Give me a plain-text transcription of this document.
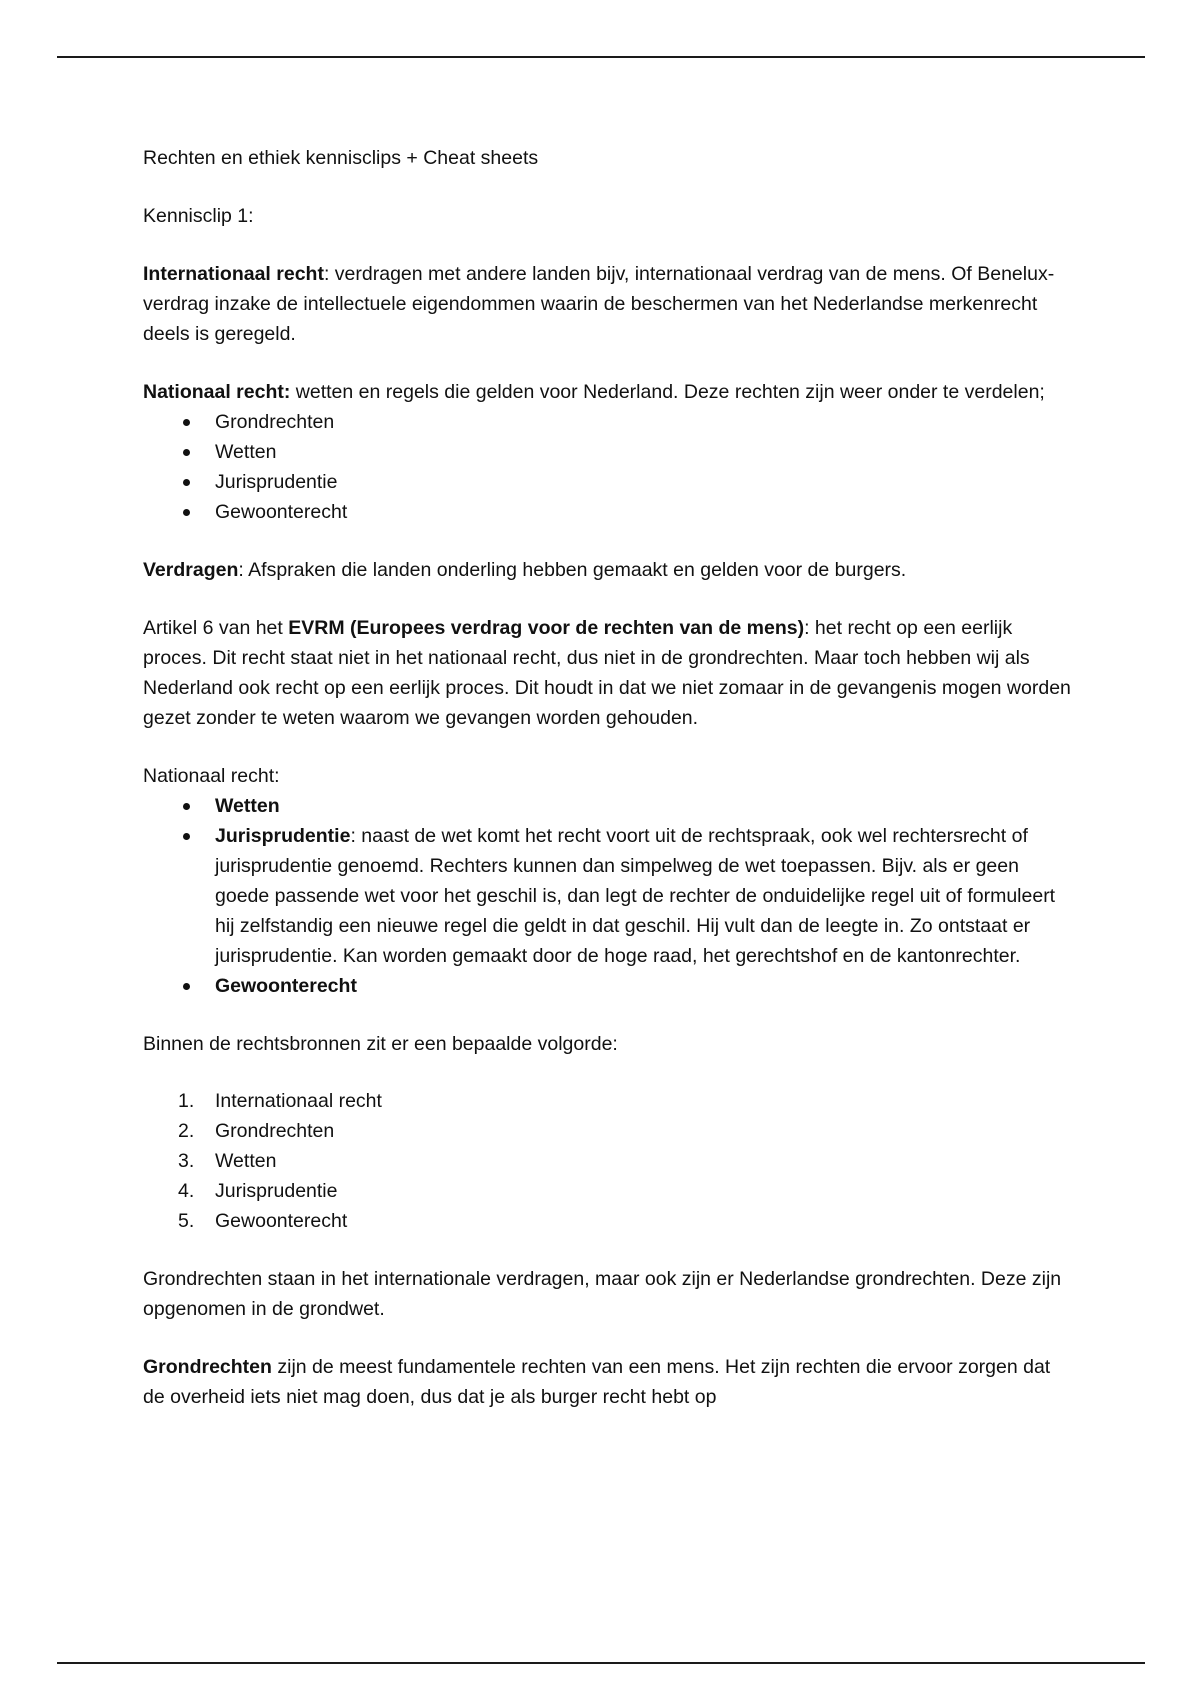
Rechten en ethiek kennisclips + Cheat sheets

Kennisclip 1:

Internationaal recht: verdragen met andere landen bijv, internationaal verdrag van de mens. Of Benelux-verdrag inzake de intellectuele eigendommen waarin de beschermen van het Nederlandse merkenrecht deels is geregeld.

Nationaal recht: wetten en regels die gelden voor Nederland. Deze rechten zijn weer onder te verdelen;

Grondrechten
Wetten
Jurisprudentie
Gewoonterecht

Verdragen: Afspraken die landen onderling hebben gemaakt en gelden voor de burgers.

Artikel 6 van het EVRM (Europees verdrag voor de rechten van de mens): het recht op een eerlijk proces. Dit recht staat niet in het nationaal recht, dus niet in de grondrechten. Maar toch hebben wij als Nederland ook recht op een eerlijk proces. Dit houdt in dat we niet zomaar in de gevangenis mogen worden gezet zonder te weten waarom we gevangen worden gehouden.

Nationaal recht:

Wetten
Jurisprudentie: naast de wet komt het recht voort uit de rechtspraak, ook wel rechtersrecht of jurisprudentie genoemd. Rechters kunnen dan simpelweg de wet toepassen. Bijv. als er geen goede passende wet voor het geschil is, dan legt de rechter de onduidelijke regel uit of formuleert hij zelfstandig een nieuwe regel die geldt in dat geschil. Hij vult dan de leegte in. Zo ontstaat er jurisprudentie. Kan worden gemaakt door de hoge raad, het gerechtshof en de kantonrechter.
Gewoonterecht

Binnen de rechtsbronnen zit er een bepaalde volgorde:

1. Internationaal recht
2. Grondrechten
3. Wetten
4. Jurisprudentie
5. Gewoonterecht

Grondrechten staan in het internationale verdragen, maar ook zijn er Nederlandse grondrechten. Deze zijn opgenomen in de grondwet.

Grondrechten zijn de meest fundamentele rechten van een mens. Het zijn rechten die ervoor zorgen dat de overheid iets niet mag doen, dus dat je als burger recht hebt op
